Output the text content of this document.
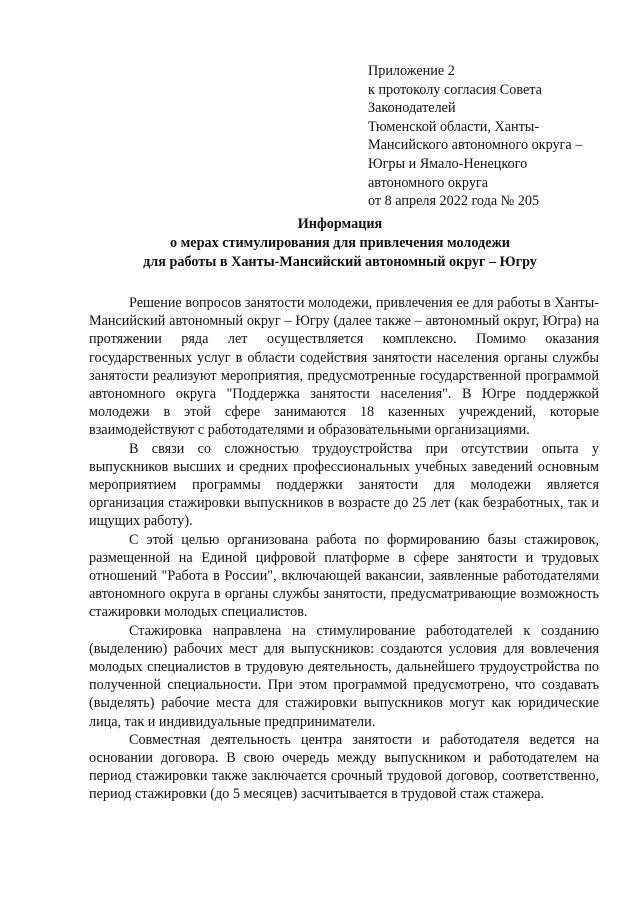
Приложение 2
к протоколу согласия Совета
Законодателей
Тюменской области, Ханты-
Мансийского автономного округа –
Югры и Ямало-Ненецкого
автономного округа
от 8 апреля 2022 года № 205
Информация
о мерах стимулирования для привлечения молодежи
для работы в Ханты-Мансийский автономный округ – Югру

Решение вопросов занятости молодежи, привлечения ее для работы в Ханты-Мансийский автономный округ – Югру (далее также – автономный округ, Югра) на протяжении ряда лет осуществляется комплексно. Помимо оказания государственных услуг в области содействия занятости населения органы службы занятости реализуют мероприятия, предусмотренные государственной программой автономного округа "Поддержка занятости населения". В Югре поддержкой молодежи в этой сфере занимаются 18 казенных учреждений, которые взаимодействуют с работодателями и образовательными организациями.

В связи со сложностью трудоустройства при отсутствии опыта у выпускников высших и средних профессиональных учебных заведений основным мероприятием программы поддержки занятости для молодежи является организация стажировки выпускников в возрасте до 25 лет (как безработных, так и ищущих работу).

С этой целью организована работа по формированию базы стажировок, размещенной на Единой цифровой платформе в сфере занятости и трудовых отношений "Работа в России", включающей вакансии, заявленные работодателями автономного округа в органы службы занятости, предусматривающие возможность стажировки молодых специалистов.

Стажировка направлена на стимулирование работодателей к созданию (выделению) рабочих мест для выпускников: создаются условия для вовлечения молодых специалистов в трудовую деятельность, дальнейшего трудоустройства по полученной специальности. При этом программой предусмотрено, что создавать (выделять) рабочие места для стажировки выпускников могут как юридические лица, так и индивидуальные предприниматели.

Совместная деятельность центра занятости и работодателя ведется на основании договора. В свою очередь между выпускником и работодателем на период стажировки также заключается срочный трудовой договор, соответственно, период стажировки (до 5 месяцев) засчитывается в трудовой стаж стажера.
